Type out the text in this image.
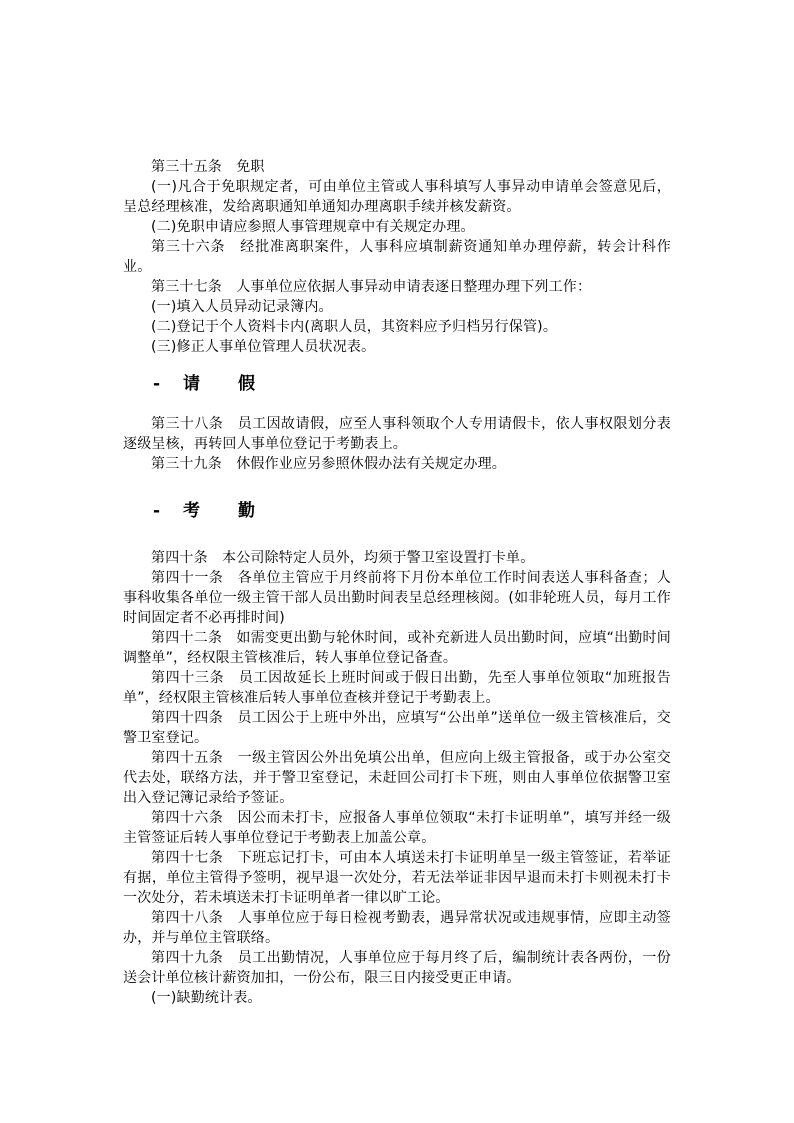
第三十五条　免职

(一)凡合于免职规定者，可由单位主管或人事科填写人事异动申请单会签意见后，呈总经理核准，发给离职通知单通知办理离职手续并核发薪资。

(二)免职申请应参照人事管理规章中有关规定办理。

第三十六条　经批准离职案件，人事科应填制薪资通知单办理停薪，转会计科作业。

第三十七条　人事单位应依据人事异动申请表逐日整理办理下列工作：

(一)填入人员异动记录簿内。

(二)登记于个人资料卡内(离职人员，其资料应予归档另行保管)。

(三)修正人事单位管理人员状况表。

- 请 假

第三十八条　员工因故请假，应至人事科领取个人专用请假卡，依人事权限划分表逐级呈核，再转回人事单位登记于考勤表上。

第三十九条　休假作业应另参照休假办法有关规定办理。

- 考 勤

第四十条　本公司除特定人员外，均须于警卫室设置打卡单。

第四十一条　各单位主管应于月终前将下月份本单位工作时间表送人事科备查；人事科收集各单位一级主管干部人员出勤时间表呈总经理核阅。(如非轮班人员，每月工作时间固定者不必再排时间)

第四十二条　如需变更出勤与轮休时间，或补充新进人员出勤时间，应填“出勤时间调整单”，经权限主管核准后，转人事单位登记备查。

第四十三条　员工因故延长上班时间或于假日出勤，先至人事单位领取“加班报告单”，经权限主管核准后转人事单位查核并登记于考勤表上。

第四十四条　员工因公于上班中外出，应填写“公出单”送单位一级主管核准后，交警卫室登记。

第四十五条　一级主管因公外出免填公出单，但应向上级主管报备，或于办公室交代去处，联络方法，并于警卫室登记，未赶回公司打卡下班，则由人事单位依据警卫室出入登记簿记录给予签证。

第四十六条　因公而未打卡，应报备人事单位领取“未打卡证明单”，填写并经一级主管签证后转人事单位登记于考勤表上加盖公章。

第四十七条　下班忘记打卡，可由本人填送未打卡证明单呈一级主管签证，若举证有据，单位主管得予签明，视早退一次处分，若无法举证非因早退而未打卡则视未打卡一次处分，若未填送未打卡证明单者一律以旷工论。

第四十八条　人事单位应于每日检视考勤表，遇异常状况或违规事情，应即主动签办，并与单位主管联络。

第四十九条　员工出勤情况，人事单位应于每月终了后，编制统计表各两份，一份送会计单位核计薪资加扣，一份公布，限三日内接受更正申请。

(一)缺勤统计表。
